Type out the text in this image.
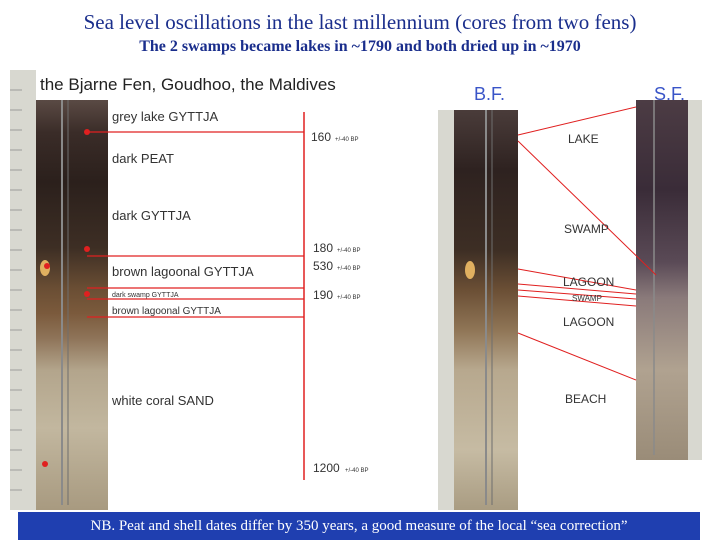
Sea level oscillations in the last millennium (cores from two fens)
The 2 swamps became lakes in ~1790 and both dried up in ~1970
the Bjarne Fen, Goudhoo, the Maldives
grey lake GYTTJA
dark PEAT
dark GYTTJA
brown lagoonal GYTTJA
dark swamp GYTTJA
brown lagoonal GYTTJA
white coral SAND
160 +/-40 BP
180 +/-40 BP
530 +/-40 BP
190 +/-40 BP
1200 +/-40 BP
B.F.	S.F.
LAKE
SWAMP
LAGOON
SWAMP
LAGOON
BEACH
NB. Peat and shell dates differ by 350 years, a good measure of the local “sea correction”
